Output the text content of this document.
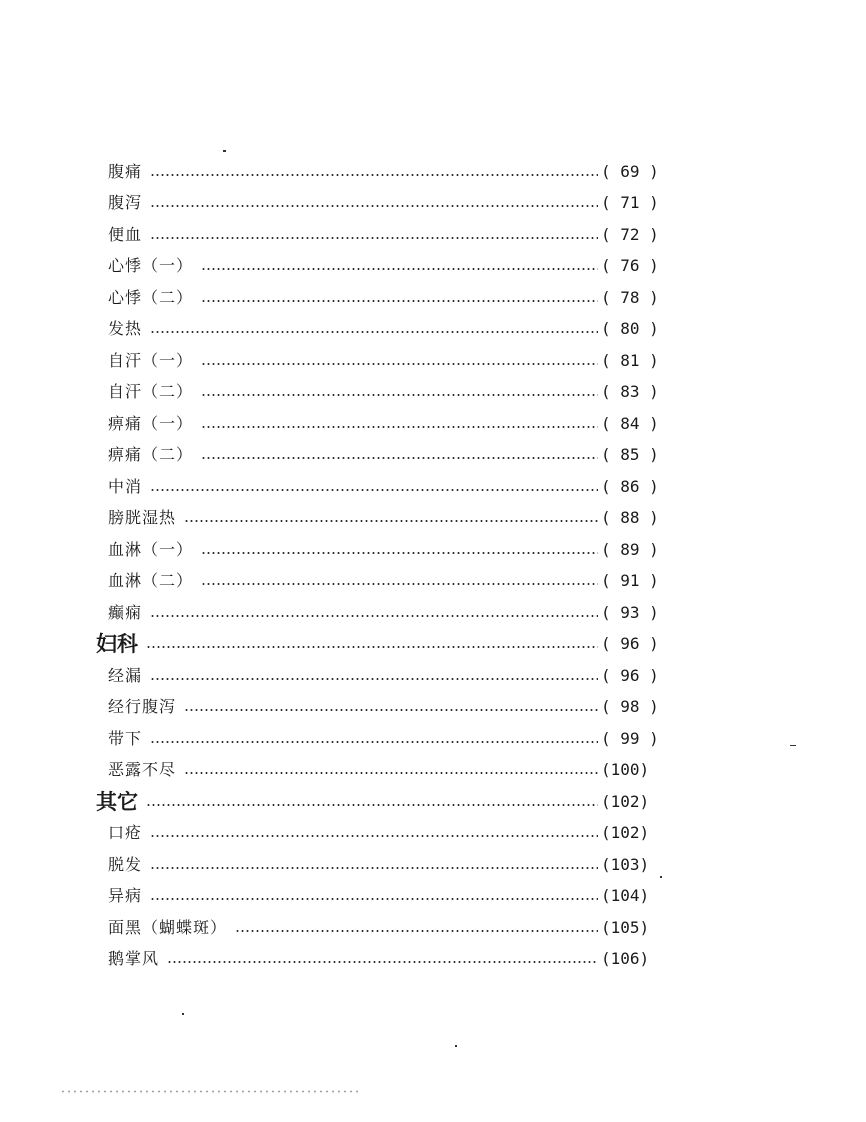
腹痛	( 69 )
腹泻	( 71 )
便血	( 72 )
心悸（一）	( 76 )
心悸（二）	( 78 )
发热	( 80 )
自汗（一）	( 81 )
自汗（二）	( 83 )
痹痛（一）	( 84 )
痹痛（二）	( 85 )
中消	( 86 )
膀胱湿热	( 88 )
血淋（一）	( 89 )
血淋（二）	( 91 )
癫痫	( 93 )
妇科	( 96 )
经漏	( 96 )
经行腹泻	( 98 )
带下	( 99 )
恶露不尽	(100)
其它	(102)
口疮	(102)
脱发	(103)
异病	(104)
面黑（蝴蝶斑）	(105)
鹅掌风	(106)
